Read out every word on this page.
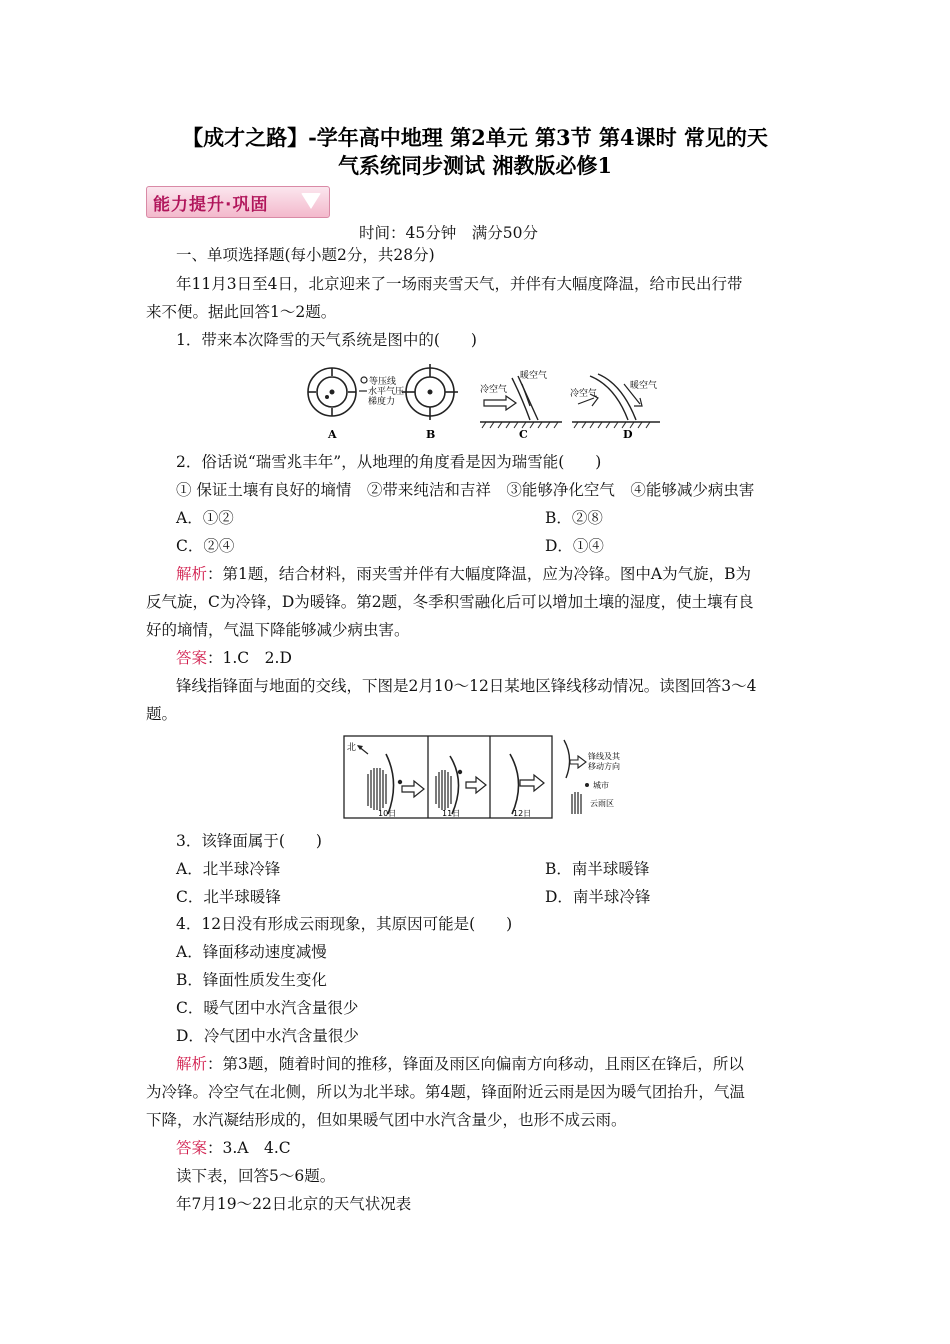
【成才之路】-学年高中地理 第2单元 第3节 第4课时 常见的天
气系统同步测试 湘教版必修1
能力提升·巩固
时间：45分钟　满分50分
一、单项选择题(每小题2分，共28分)
年11月3日至4日，北京迎来了一场雨夹雪天气，并伴有大幅度降温，给市民出行带
来不便。据此回答1～2题。
1．带来本次降雪的天气系统是图中的(　　)
等压线
水平气压
梯度力
冷空气
暖空气
冷空气
暖空气
A	B	C	D
2．俗话说“瑞雪兆丰年”，从地理的角度看是因为瑞雪能(　　)
① 保证土壤有良好的墒情　②带来纯洁和吉祥　③能够净化空气　④能够减少病虫害
A．①②	B．②⑧
C．②④	D．①④
解析：第1题，结合材料，雨夹雪并伴有大幅度降温，应为冷锋。图中A为气旋，B为
反气旋，C为冷锋，D为暖锋。第2题，冬季积雪融化后可以增加土壤的湿度，使土壤有良
好的墒情，气温下降能够减少病虫害。
答案：1.C　2.D
锋线指锋面与地面的交线，下图是2月10～12日某地区锋线移动情况。读图回答3～4
题。
北
10日	11日	12日
锋线及其
移动方向
城市
云雨区
3．该锋面属于(　　)
A．北半球冷锋	B．南半球暖锋
C．北半球暖锋	D．南半球冷锋
4．12日没有形成云雨现象，其原因可能是(　　)
A．锋面移动速度减慢
B．锋面性质发生变化
C．暖气团中水汽含量很少
D．冷气团中水汽含量很少
解析：第3题，随着时间的推移，锋面及雨区向偏南方向移动，且雨区在锋后，所以
为冷锋。冷空气在北侧，所以为北半球。第4题，锋面附近云雨是因为暖气团抬升，气温
下降，水汽凝结形成的，但如果暖气团中水汽含量少，也形不成云雨。
答案：3.A　4.C
读下表，回答5～6题。
年7月19～22日北京的天气状况表
